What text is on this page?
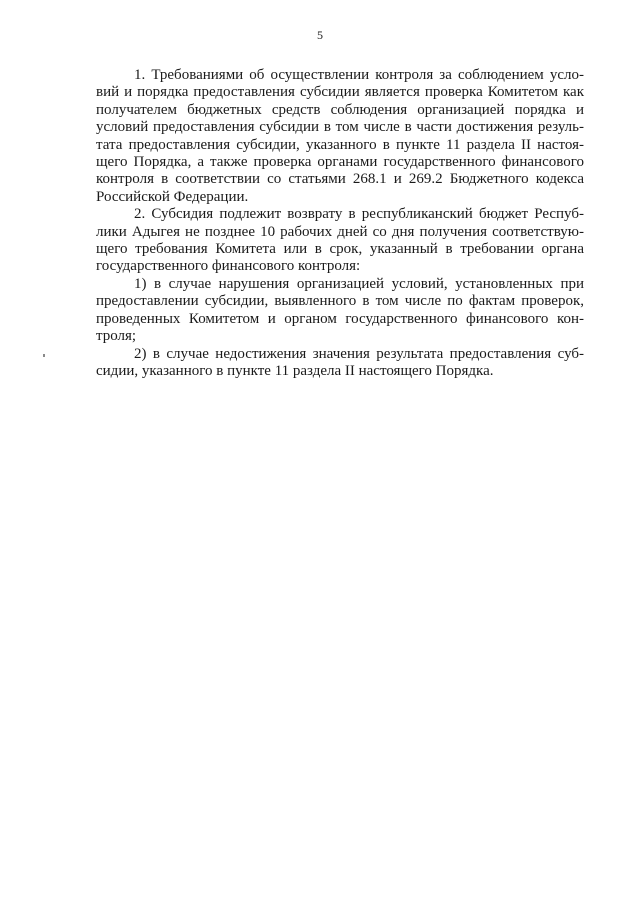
5
1. Требованиями об осуществлении контроля за соблюдением усло-
вий и порядка предоставления субсидии является проверка Комитетом как
получателем бюджетных средств соблюдения организацией порядка и
условий предоставления субсидии в том числе в части достижения резуль-
тата предоставления субсидии, указанного в пункте 11 раздела II настоя-
щего Порядка, а также проверка органами государственного финансового
контроля в соответствии со статьями 268.1 и 269.2 Бюджетного кодекса
Российской Федерации.
2. Субсидия подлежит возврату в республиканский бюджет Респуб-
лики Адыгея не позднее 10 рабочих дней со дня получения соответствую-
щего требования Комитета или в срок, указанный в требовании органа
государственного финансового контроля:
1) в случае нарушения организацией условий, установленных при
предоставлении субсидии, выявленного в том числе по фактам проверок,
проведенных Комитетом и органом государственного финансового кон-
троля;
2) в случае недостижения значения результата предоставления суб-
сидии, указанного в пункте 11 раздела II настоящего Порядка.
